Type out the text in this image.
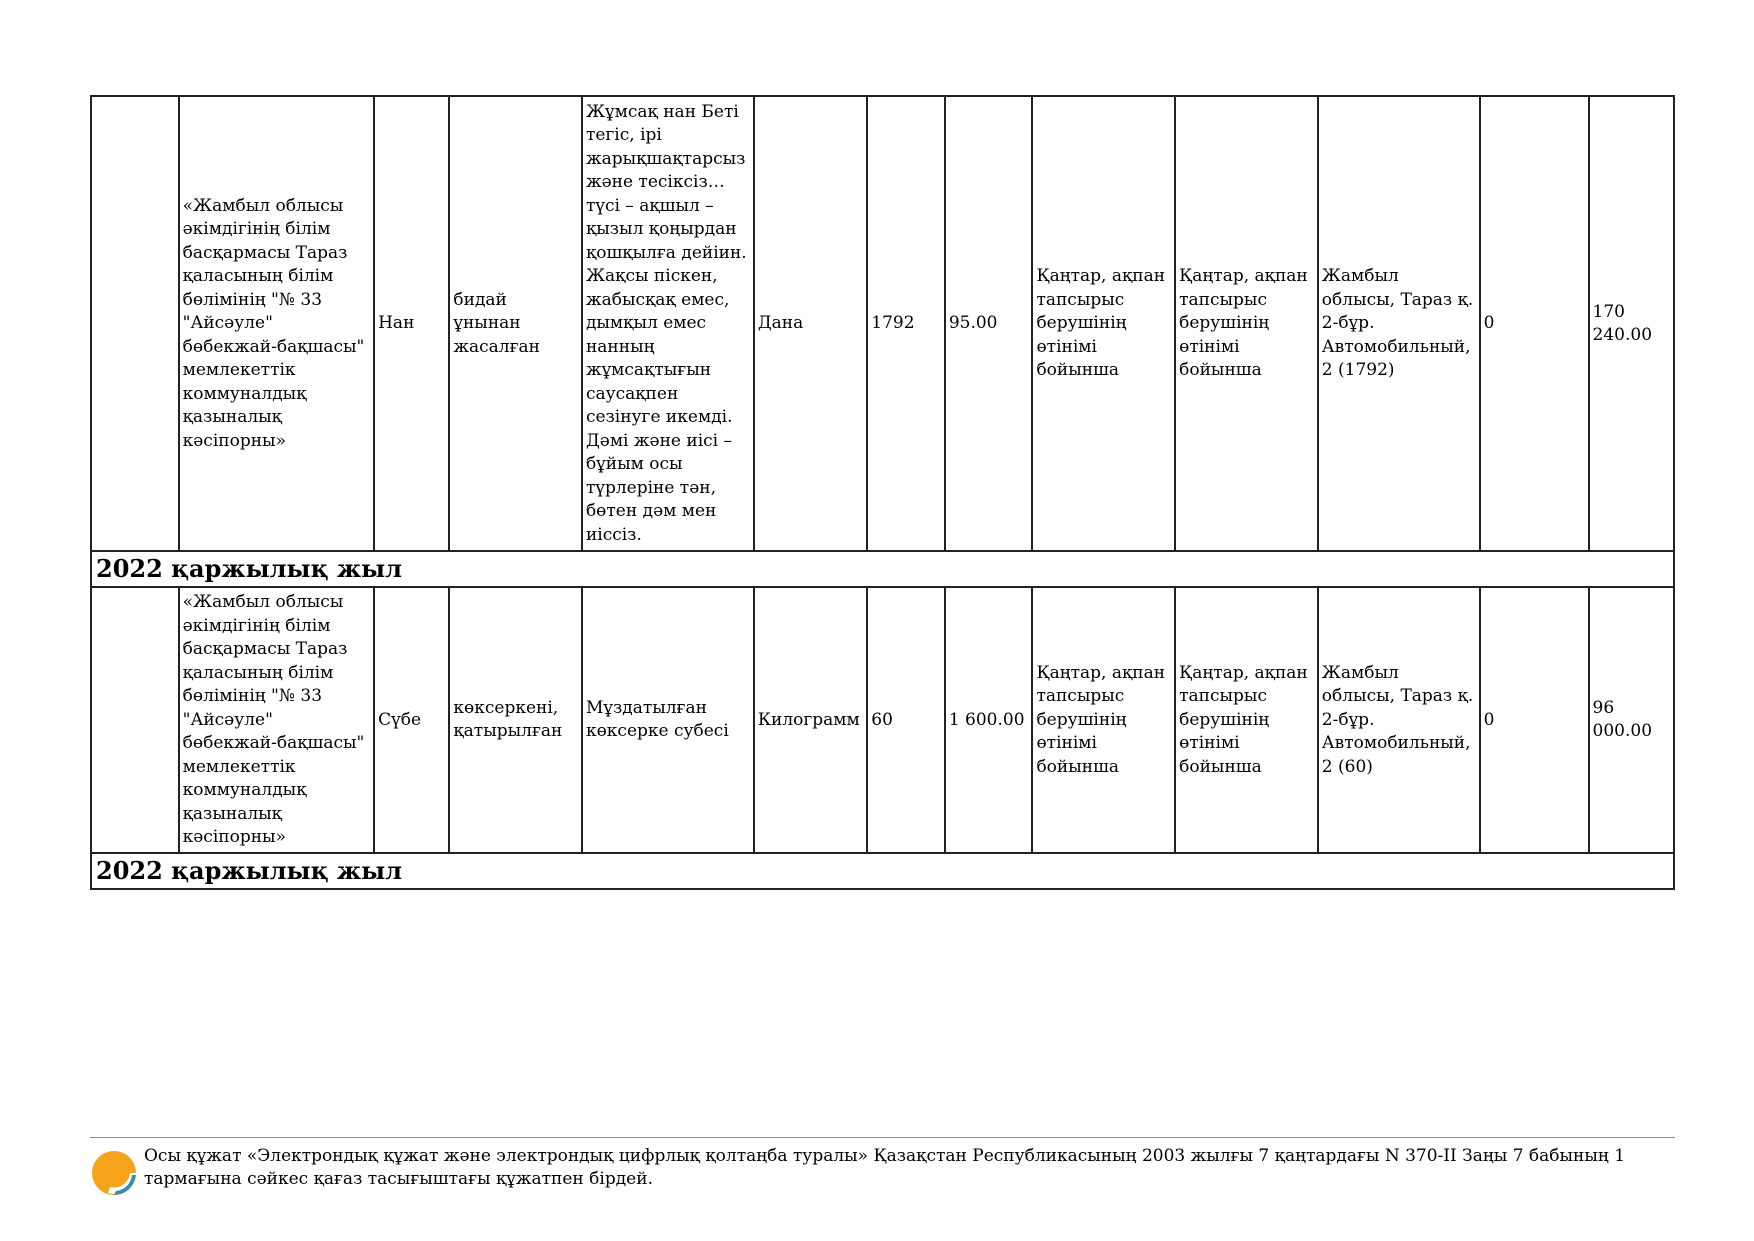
	«Жамбыл облысы әкімдігінің білім басқармасы Тараз қаласының білім бөлімінің "№ 33 "Айсәуле" бөбекжай-бақшасы" мемлекеттік коммуналдық қазыналық кәсіпорны»	Нан	бидай ұнынан жасалған	Жұмсақ нан Беті тегіс, ірі жарықшақтарсыз және тесіксіз… түсі – ақшыл – қызыл қоңырдан қошқылға дейiин. Жақсы піскен, жабысқақ емес, дымқыл емес нанның жұмсақтығын саусақпен сезінуге икемді. Дәмі және иісі – бұйым осы түрлеріне тән, бөтен дәм мен иіссіз.	Дана	1792	95.00	Қаңтар, ақпан тапсырыс берушінің өтінімі бойынша	Қаңтар, ақпан тапсырыс берушінің өтінімі бойынша	Жамбыл облысы, Тараз қ. 2-бұр. Автомобильный, 2 (1792)	0	170 240.00
2022 қаржылық жыл												
	«Жамбыл облысы әкімдігінің білім басқармасы Тараз қаласының білім бөлімінің "№ 33 "Айсәуле" бөбекжай-бақшасы" мемлекеттік коммуналдық қазыналық кәсіпорны»	Сүбе	көксеркені, қатырылған	Мұздатылған көксерке субесі	Килограмм	60	1 600.00	Қаңтар, ақпан тапсырыс берушінің өтінімі бойынша	Қаңтар, ақпан тапсырыс берушінің өтінімі бойынша	Жамбыл облысы, Тараз қ. 2-бұр. Автомобильный, 2 (60)	0	96 000.00
2022 қаржылық жыл												
Осы құжат «Электрондық құжат және электрондық цифрлық қолтаңба туралы» Қазақстан Республикасының 2003 жылғы 7 қаңтардағы N 370-II Заңы 7 бабының 1 тармағына сәйкес қағаз тасығыштағы құжатпен бірдей.
